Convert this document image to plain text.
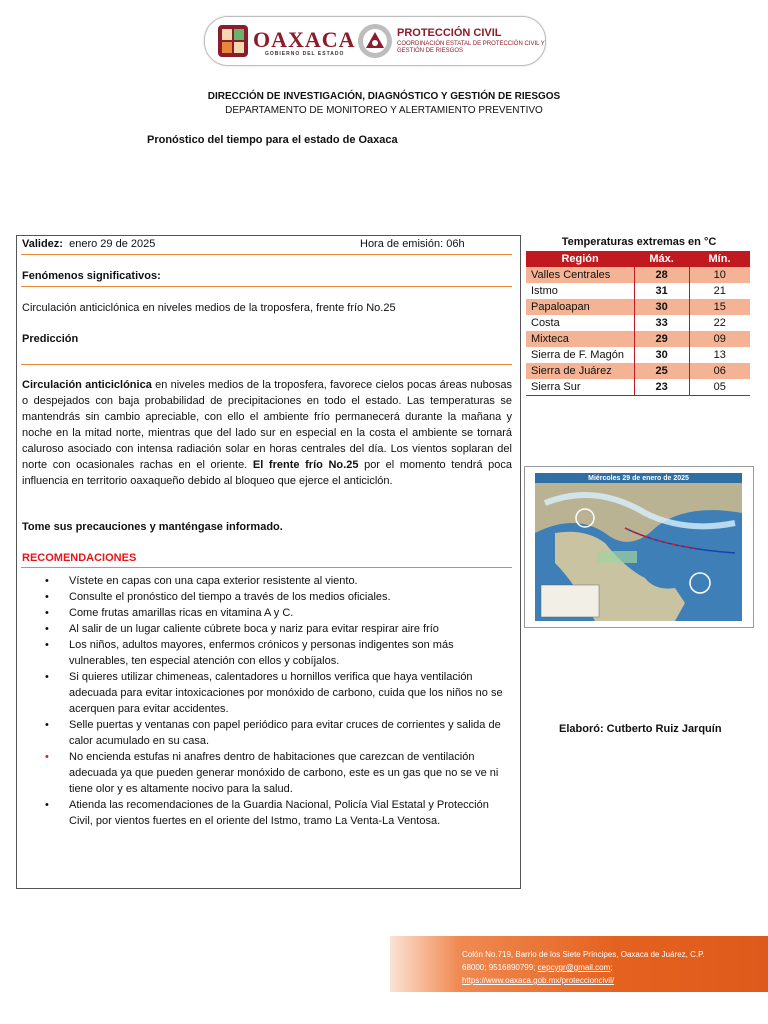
OAXACA
GOBIERNO DEL ESTADO
PROTECCIÓN CIVIL
COORDINACIÓN ESTATAL DE PROTECCIÓN CIVIL Y GESTIÓN DE RIESGOS
DIRECCIÓN DE INVESTIGACIÓN, DIAGNÓSTICO Y GESTIÓN DE RIESGOS
DEPARTAMENTO DE MONITOREO Y ALERTAMIENTO PREVENTIVO
Pronóstico del tiempo para el estado de Oaxaca
Validez: enero 29 de 2025	Hora de emisión: 06h
Fenómenos significativos:
Circulación anticiclónica en niveles medios de la troposfera, frente frío No.25
Predicción
Circulación anticiclónica en niveles medios de la troposfera, favorece cielos pocas áreas nubosas o despejados con baja probabilidad de precipitaciones en todo el estado. Las temperaturas se mantendrás sin cambio apreciable, con ello el ambiente frío permanecerá durante la mañana y noche en la mitad norte, mientras que del lado sur en especial en la costa el ambiente se tornará caluroso asociado con intensa radiación solar en horas centrales del día. Los vientos soplaran del norte con ocasionales rachas en el oriente. El frente frío No.25 por el momento tendrá poca influencia en territorio oaxaqueño debido al bloqueo que ejerce el anticiclón.
Tome sus precauciones y manténgase informado.
RECOMENDACIONES
• Vístete en capas con una capa exterior resistente al viento.
• Consulte el pronóstico del tiempo a través de los medios oficiales.
• Come frutas amarillas ricas en vitamina A y C.
• Al salir de un lugar caliente cúbrete boca y nariz para evitar respirar aire frío
• Los niños, adultos mayores, enfermos crónicos y personas indigentes son más vulnerables, ten especial atención con ellos y cobíjalos.
• Si quieres utilizar chimeneas, calentadores u hornillos verifica que haya ventilación adecuada para evitar intoxicaciones por monóxido de carbono, cuida que los niños no se acerquen para evitar accidentes.
• Selle puertas y ventanas con papel periódico para evitar cruces de corrientes y salida de calor acumulado en su casa.
• No encienda estufas ni anafres dentro de habitaciones que carezcan de ventilación adecuada ya que pueden generar monóxido de carbono, este es un gas que no se ve ni tiene olor y es altamente nocivo para la salud.
• Atienda las recomendaciones de la Guardia Nacional, Policía Vial Estatal y Protección Civil, por vientos fuertes en el oriente del Istmo, tramo La Venta-La Ventosa.
Temperaturas extremas en °C
Región	Máx.	Mín.
Valles Centrales	28	10
Istmo	31	21
Papaloapan	30	15
Costa	33	22
Mixteca	29	09
Sierra de F. Magón	30	13
Sierra de Juárez	25	06
Sierra Sur	23	05
Miércoles 29 de enero de 2025
Elaboró: Cutberto Ruiz Jarquín
Colón No.719, Barrio de los Siete Príncipes, Oaxaca de Juárez, C.P.
68000; 9516890799; cepcygr@gmail.com;
https://www.oaxaca.gob.mx/proteccioncivil/
